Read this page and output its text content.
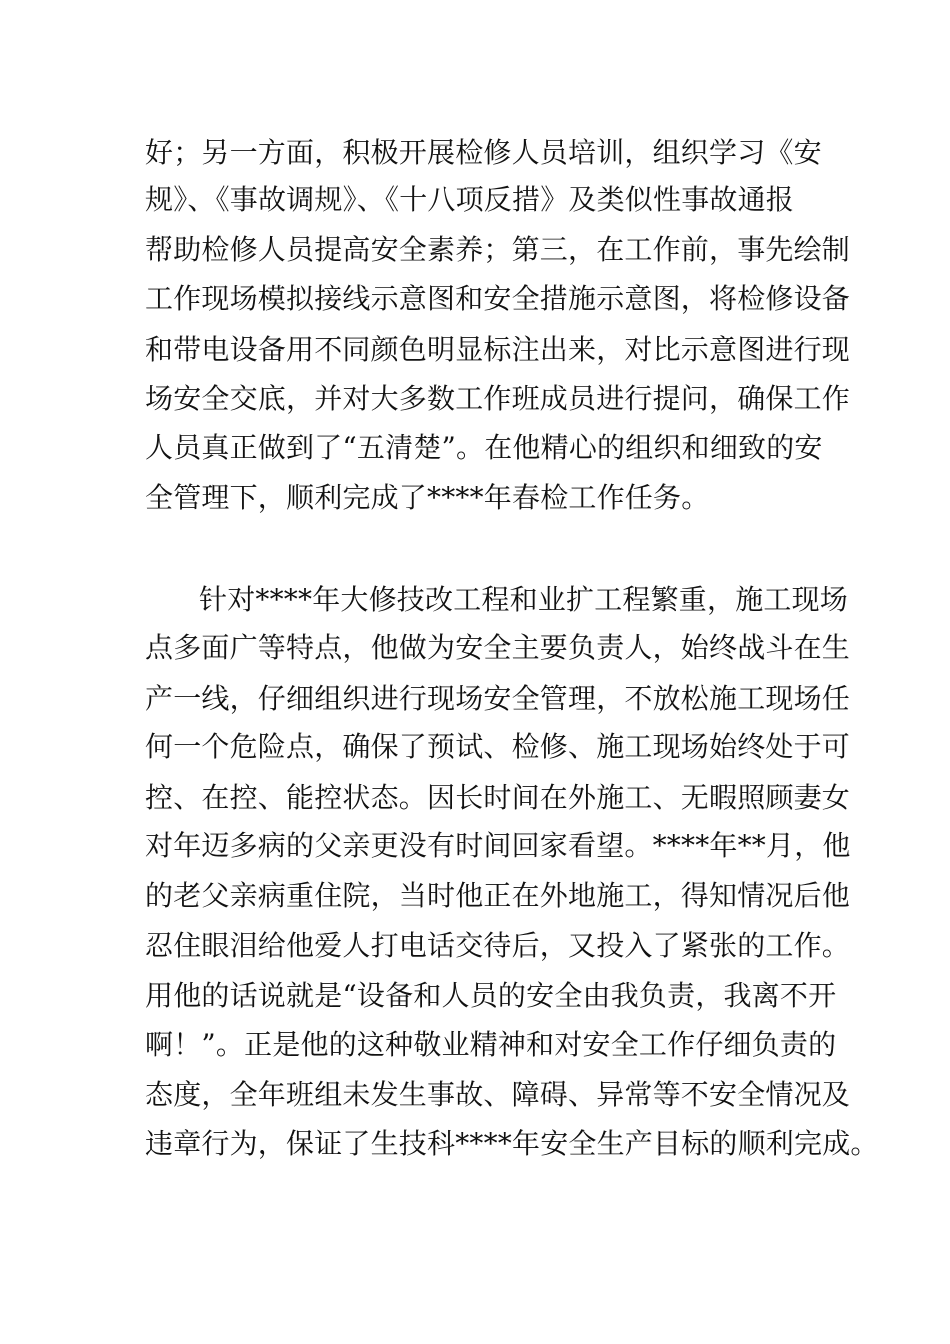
好；另一方面，积极开展检修人员培训，组织学习《安
规》、《事故调规》、《十八项反措》及类似性事故通报
帮助检修人员提高安全素养；第三，在工作前，事先绘制
工作现场模拟接线示意图和安全措施示意图，将检修设备
和带电设备用不同颜色明显标注出来，对比示意图进行现
场安全交底，并对大多数工作班成员进行提问，确保工作
人员真正做到了“五清楚”。在他精心的组织和细致的安
全管理下，顺利完成了****年春检工作任务。
针对****年大修技改工程和业扩工程繁重，施工现场
点多面广等特点，他做为安全主要负责人，始终战斗在生
产一线，仔细组织进行现场安全管理，不放松施工现场任
何一个危险点，确保了预试、检修、施工现场始终处于可
控、在控、能控状态。因长时间在外施工、无暇照顾妻女
对年迈多病的父亲更没有时间回家看望。****年**月，他
的老父亲病重住院，当时他正在外地施工，得知情况后他
忍住眼泪给他爱人打电话交待后，又投入了紧张的工作。
用他的话说就是“设备和人员的安全由我负责，我离不开
啊！”。正是他的这种敬业精神和对安全工作仔细负责的
态度，全年班组未发生事故、障碍、异常等不安全情况及
违章行为，保证了生技科****年安全生产目标的顺利完成。
